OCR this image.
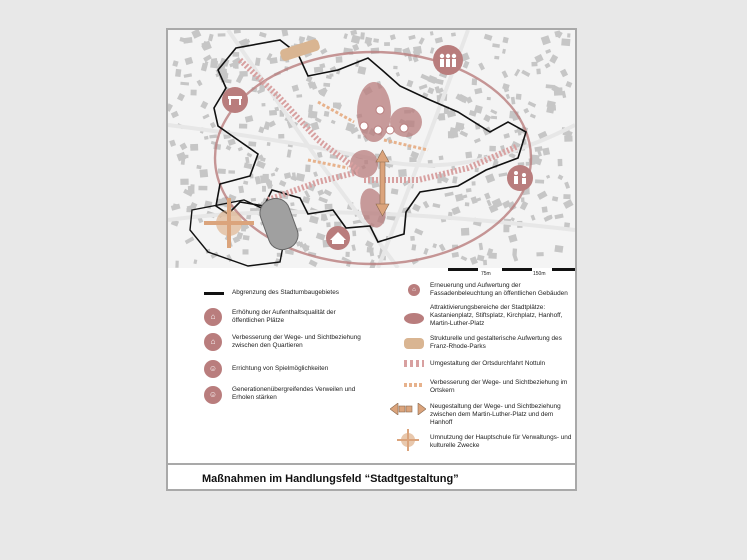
75m	150m
Abgrenzung des Stadtumbaugebietes
⌂	Erhöhung der Aufenthaltsqualität der öffentlichen Plätze
⌂	Verbesserung der Wege- und Sichtbeziehung zwischen den Quartieren
☺	Errichtung von Spielmöglichkeiten
☺
Generationenübergreifendes Verweilen und Erholen stärken
⌂
Erneuerung und Aufwertung der Fassadenbeleuchtung an öffentlichen Gebäuden
Attraktivierungsbereiche der Stadtplätze: Kastanienplatz, Stiftsplatz, Kirchplatz, Hanhoff, Martin-Luther-Platz
Strukturelle und gestalterische Aufwertung des Franz-Rhode-Parks
Umgestaltung der Ortsdurchfahrt Nottuln
Verbesserung der Wege- und Sichtbeziehung im Ortskern
Neugestaltung der Wege- und Sichtbeziehung zwischen dem Martin-Luther-Platz und dem Hanhoff
Umnutzung der Hauptschule für Verwaltungs- und kulturelle Zwecke
Maßnahmen im Handlungsfeld “Stadtgestaltung”
